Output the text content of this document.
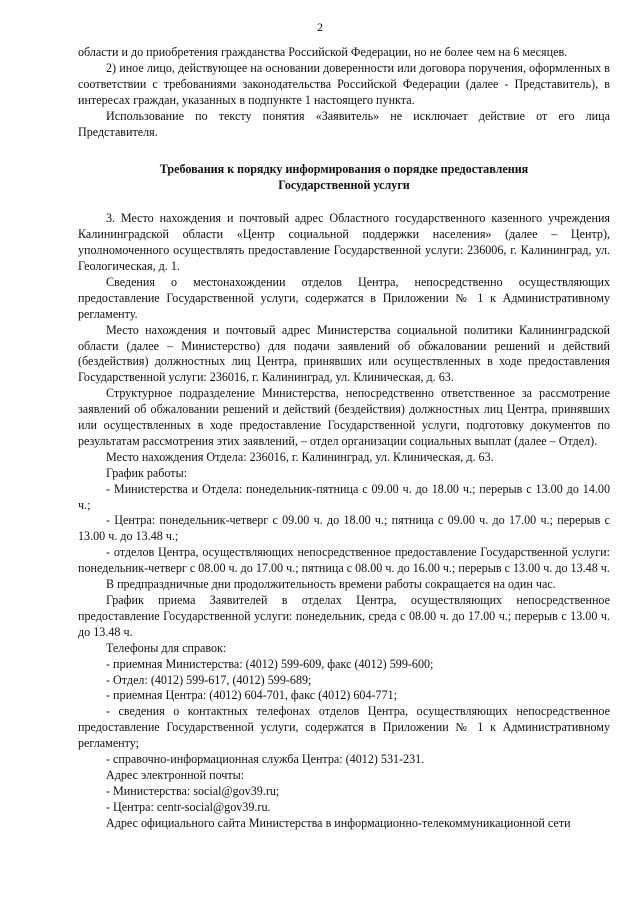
2

области и до приобретения гражданства Российской Федерации, но не более чем на 6 месяцев.

2) иное лицо, действующее на основании доверенности или договора поручения, оформленных в соответствии с требованиями законодательства Российской Федерации (далее - Представитель), в интересах граждан, указанных в подпункте 1 настоящего пункта.

Использование по тексту понятия «Заявитель» не исключает действие от его лица Представителя.

Требования к порядку информирования о порядке предоставления
Государственной услуги

3. Место нахождения и почтовый адрес Областного государственного казенного учреждения Калининградской области «Центр социальной поддержки населения» (далее – Центр), уполномоченного осуществлять предоставление Государственной услуги: 236006, г. Калининград, ул. Геологическая, д. 1.

Сведения о местонахождении отделов Центра, непосредственно осуществляющих предоставление Государственной услуги, содержатся в Приложении № 1 к Административному регламенту.

Место нахождения и почтовый адрес Министерства социальной политики Калининградской области (далее – Министерство) для подачи заявлений об обжаловании решений и действий (бездействия) должностных лиц Центра, принявших или осуществленных в ходе предоставления Государственной услуги: 236016, г. Калининград, ул. Клиническая, д. 63.

Структурное подразделение Министерства, непосредственно ответственное за рассмотрение заявлений об обжаловании решений и действий (бездействия) должностных лиц Центра, принявших или осуществленных в ходе предоставление Государственной услуги, подготовку документов по результатам рассмотрения этих заявлений, – отдел организации социальных выплат (далее – Отдел).

Место нахождения Отдела: 236016, г. Калининград, ул. Клиническая, д. 63.

График работы:

- Министерства и Отдела: понедельник-пятница с 09.00 ч. до 18.00 ч.; перерыв с 13.00 до 14.00 ч.;

- Центра: понедельник-четверг с 09.00 ч. до 18.00 ч.; пятница с 09.00 ч. до 17.00 ч.; перерыв с 13.00 ч. до 13.48 ч.;

- отделов Центра, осуществляющих непосредственное предоставление Государственной услуги: понедельник-четверг с 08.00 ч. до 17.00 ч.; пятница с 08.00 ч. до 16.00 ч.; перерыв с 13.00 ч. до 13.48 ч.

В предпраздничные дни продолжительность времени работы сокращается на один час.

График приема Заявителей в отделах Центра, осуществляющих непосредственное предоставление Государственной услуги: понедельник, среда с 08.00 ч. до 17.00 ч.; перерыв с 13.00 ч. до 13.48 ч.

Телефоны для справок:

- приемная Министерства: (4012) 599-609, факс (4012) 599-600;

- Отдел: (4012) 599-617, (4012) 599-689;

- приемная Центра: (4012) 604-701, факс (4012) 604-771;

- сведения о контактных телефонах отделов Центра, осуществляющих непосредственное предоставление Государственной услуги, содержатся в Приложении № 1 к Административному регламенту;

- справочно-информационная служба Центра: (4012) 531-231.

Адрес электронной почты:

- Министерства: social@gov39.ru;

- Центра: centr-social@gov39.ru.

Адрес официального сайта Министерства в информационно-телекоммуникационной сети
